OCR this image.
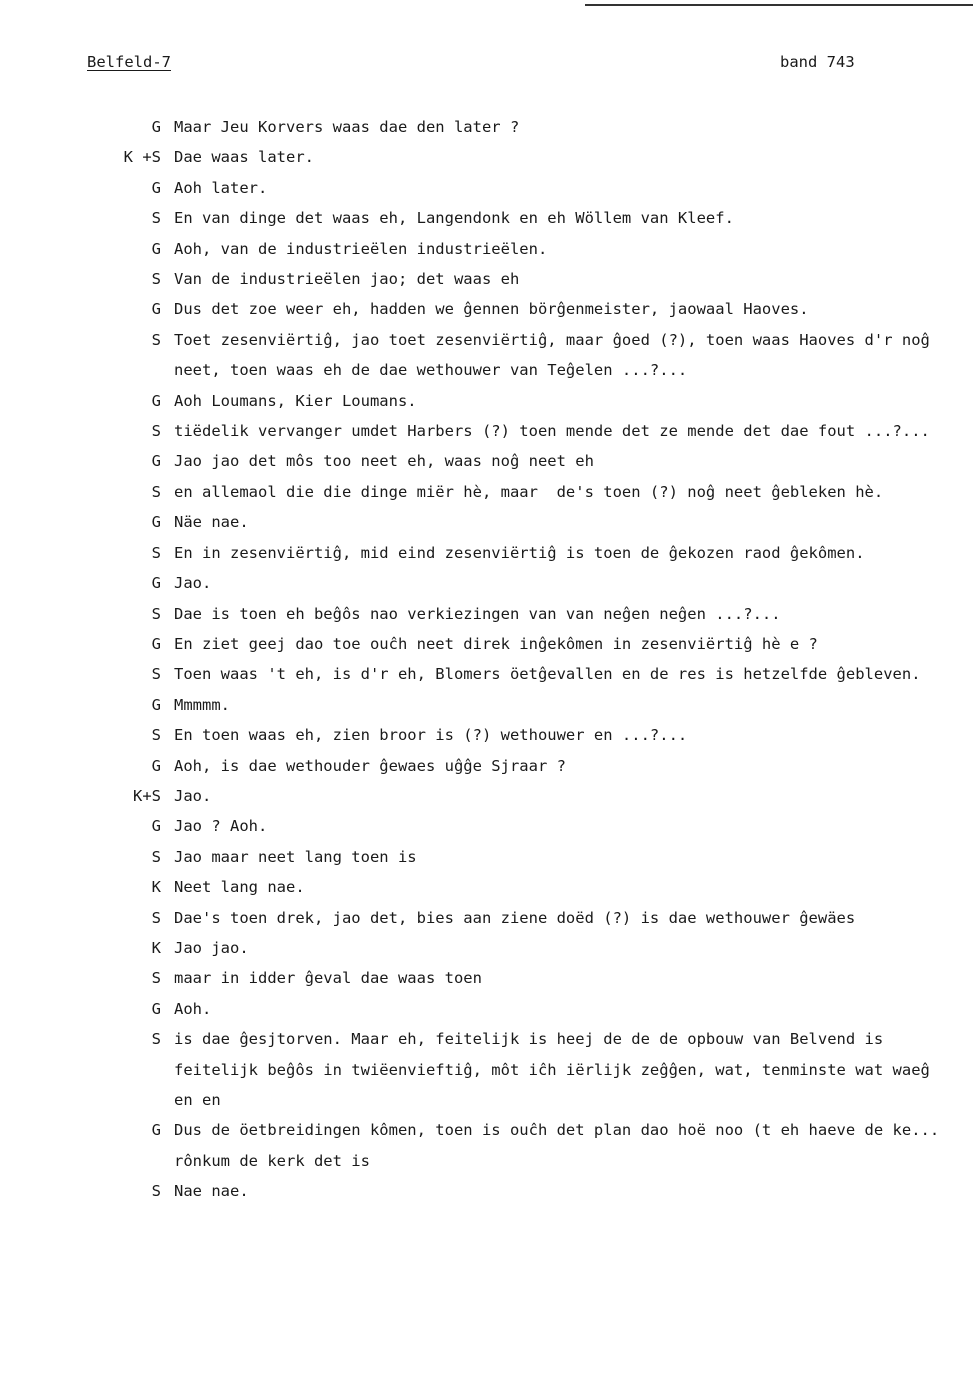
Belfeld-7	band 743
G Maar Jeu Korvers waas dae den later ?
K +S Dae waas later.
G Aoh later.
S En van dinge det waas eh, Langendonk en eh Wöllem van Kleef.
G Aoh, van de industrieëlen industrieëlen.
S Van de industrieëlen jao; det waas eh
G Dus det zoe weer eh, hadden we ĝennen börĝenmeister, jaowaal Haoves.
S Toet zesenviërtiĝ, jao toet zesenviërtiĝ, maar ĝoed (?), toen waas Haoves d'r noĝ neet, toen waas eh de dae wethouwer van Teĝelen ...?...
G Aoh Loumans, Kier Loumans.
S tiëdelik vervanger umdet Harbers (?) toen mende det ze mende det dae fout ...?...
G Jao jao det môs too neet eh, waas noĝ neet eh
S en allemaol die die dinge miër hè, maar  de's toen (?) noĝ neet ĝebleken hè.
G Näe nae.
S En in zesenviërtiĝ, mid eind zesenviërtiĝ is toen de ĝekozen raod ĝekômen.
G Jao.
S Dae is toen eh beĝôs nao verkiezingen van van neĝen neĝen ...?...
G En ziet geej dao toe ouĉh neet direk inĝekômen in zesenviërtiĝ hè e ?
S Toen waas 't eh, is d'r eh, Blomers öetĝevallen en de res is hetzelfde ĝebleven.
G Mmmmm.
S En toen waas eh, zien broor is (?) wethouwer en ...?...
G Aoh, is dae wethouder ĝewaes uĝĝe Sjraar ?
K+S Jao.
G Jao ? Aoh.
S Jao maar neet lang toen is
K Neet lang nae.
S Dae's toen drek, jao det, bies aan ziene doëd (?) is dae wethouwer ĝewäes
K Jao jao.
S maar in idder ĝeval dae waas toen
G Aoh.
S is dae ĝesjtorven. Maar eh, feitelijk is heej de de de opbouw van Belvend is feitelijk beĝôs in twiëenvieftiĝ, môt iĉh iërlijk zeĝĝen, wat, tenminste wat waeĝ en en
G Dus de öetbreidingen kômen, toen is ouĉh det plan dao hoë noo (t eh haeve de ke... rônkum de kerk det is
S Nae nae.
